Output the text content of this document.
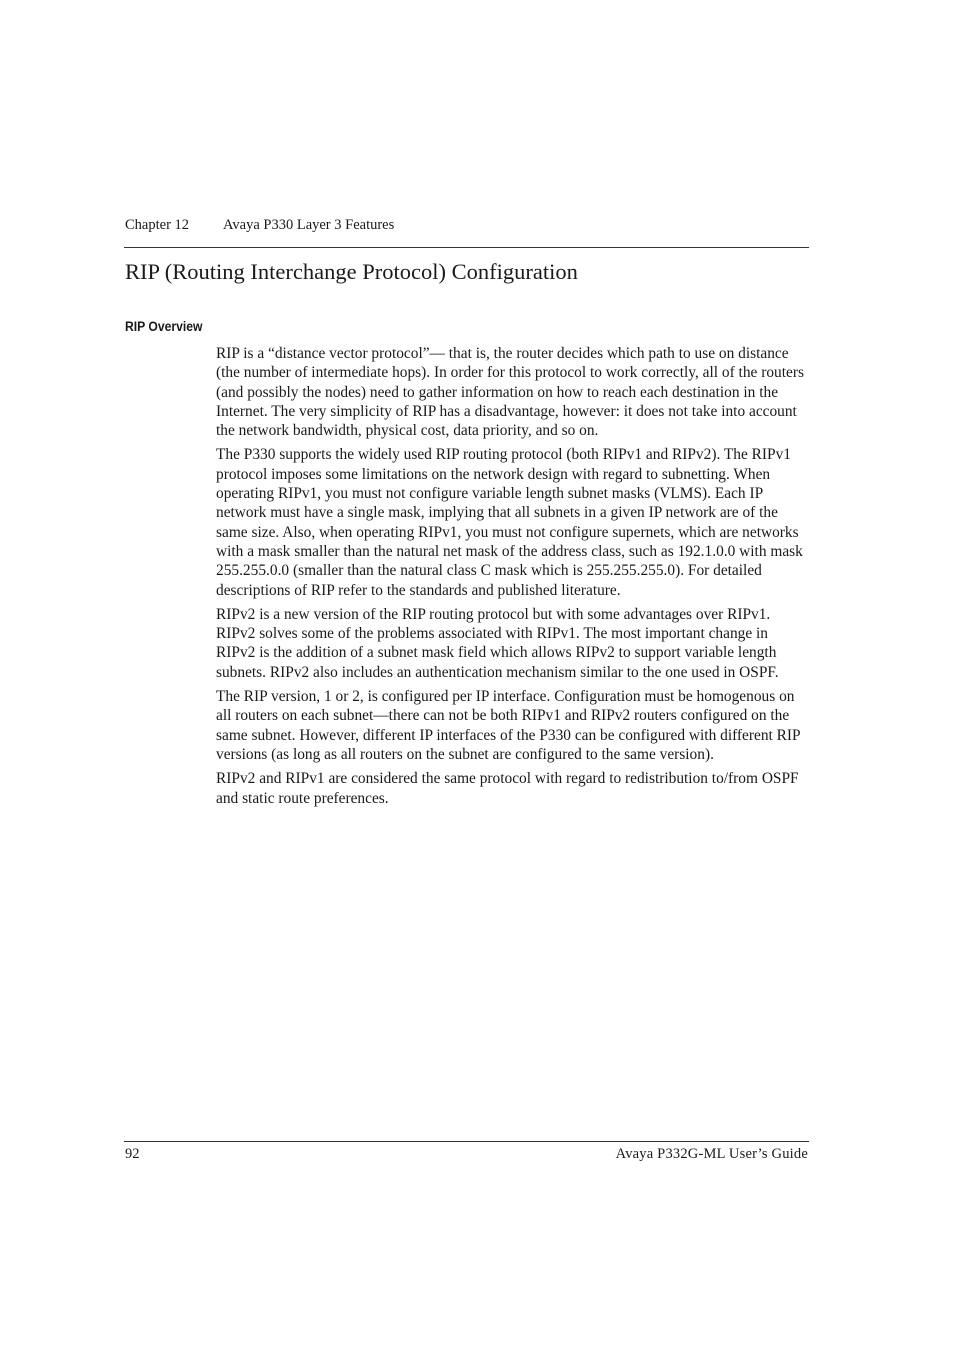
Chapter 12 Avaya P330 Layer 3 Features
RIP (Routing Interchange Protocol) Configuration
RIP Overview

RIP is a “distance vector protocol”— that is, the router decides which path to use on distance (the number of intermediate hops). In order for this protocol to work correctly, all of the routers (and possibly the nodes) need to gather information on how to reach each destination in the Internet. The very simplicity of RIP has a disadvantage, however: it does not take into account the network bandwidth, physical cost, data priority, and so on.

The P330 supports the widely used RIP routing protocol (both RIPv1 and RIPv2). The RIPv1 protocol imposes some limitations on the network design with regard to subnetting. When operating RIPv1, you must not configure variable length subnet masks (VLMS). Each IP network must have a single mask, implying that all subnets in a given IP network are of the same size. Also, when operating RIPv1, you must not configure supernets, which are networks with a mask smaller than the natural net mask of the address class, such as 192.1.0.0 with mask 255.255.0.0 (smaller than the natural class C mask which is 255.255.255.0). For detailed descriptions of RIP refer to the standards and published literature.

RIPv2 is a new version of the RIP routing protocol but with some advantages over RIPv1. RIPv2 solves some of the problems associated with RIPv1. The most important change in RIPv2 is the addition of a subnet mask field which allows RIPv2 to support variable length subnets. RIPv2 also includes an authentication mechanism similar to the one used in OSPF.

The RIP version, 1 or 2, is configured per IP interface. Configuration must be homogenous on all routers on each subnet—there can not be both RIPv1 and RIPv2 routers configured on the same subnet. However, different IP interfaces of the P330 can be configured with different RIP versions (as long as all routers on the subnet are configured to the same version).

RIPv2 and RIPv1 are considered the same protocol with regard to redistribution to/from OSPF and static route preferences.

92	Avaya P332G-ML User’s Guide
